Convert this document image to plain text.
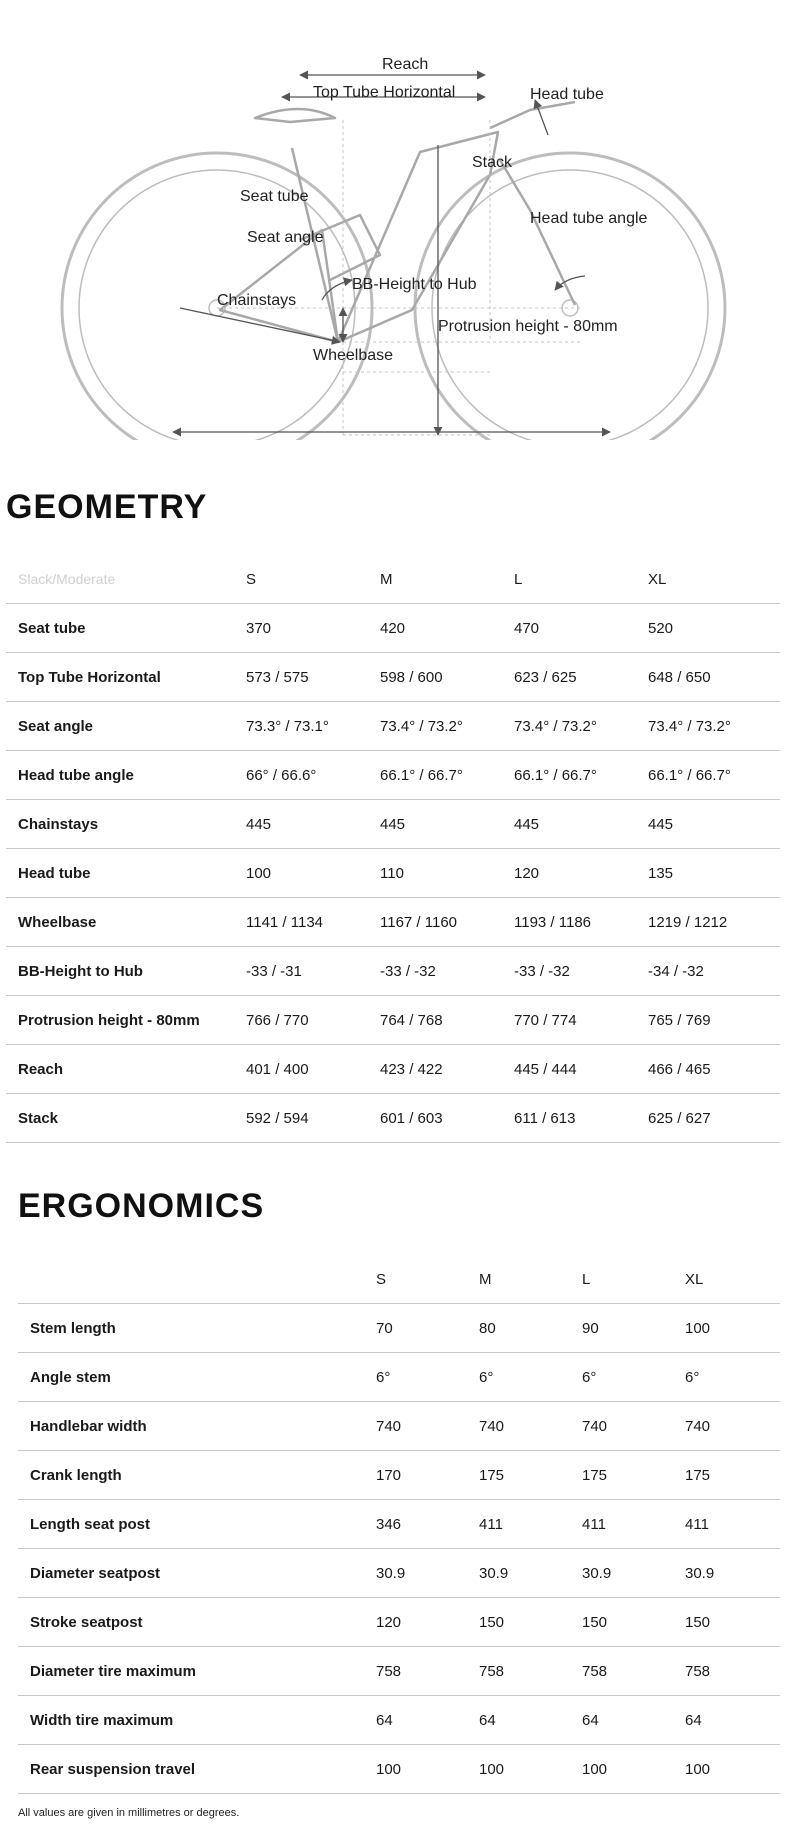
Reach
Top Tube Horizontal	Head tube
Stack
Seat tube
Head tube angle
Seat angle
BB-Height to Hub
Chainstays
Protrusion height - 80mm
Wheelbase
GEOMETRY
Slack/Moderate	S	M	L	XL
Seat tube	370	420	470	520
Top Tube Horizontal	573 / 575	598 / 600	623 / 625	648 / 650
Seat angle	73.3° / 73.1°	73.4° / 73.2°	73.4° / 73.2°	73.4° / 73.2°
Head tube angle	66° / 66.6°	66.1° / 66.7°	66.1° / 66.7°	66.1° / 66.7°
Chainstays	445	445	445	445
Head tube	100	110	120	135
Wheelbase	1141 / 1134	1167 / 1160	1193 / 1186	1219 / 1212
BB-Height to Hub	-33 / -31	-33 / -32	-33 / -32	-34 / -32
Protrusion height - 80mm	766 / 770	764 / 768	770 / 774	765 / 769
Reach	401 / 400	423 / 422	445 / 444	466 / 465
Stack	592 / 594	601 / 603	611 / 613	625 / 627
ERGONOMICS
	S	M	L	XL
Stem length	70	80	90	100
Angle stem	6°	6°	6°	6°
Handlebar width	740	740	740	740
Crank length	170	175	175	175
Length seat post	346	411	411	411
Diameter seatpost	30.9	30.9	30.9	30.9
Stroke seatpost	120	150	150	150
Diameter tire maximum	758	758	758	758
Width tire maximum	64	64	64	64
Rear suspension travel	100	100	100	100
All values are given in millimetres or degrees.
